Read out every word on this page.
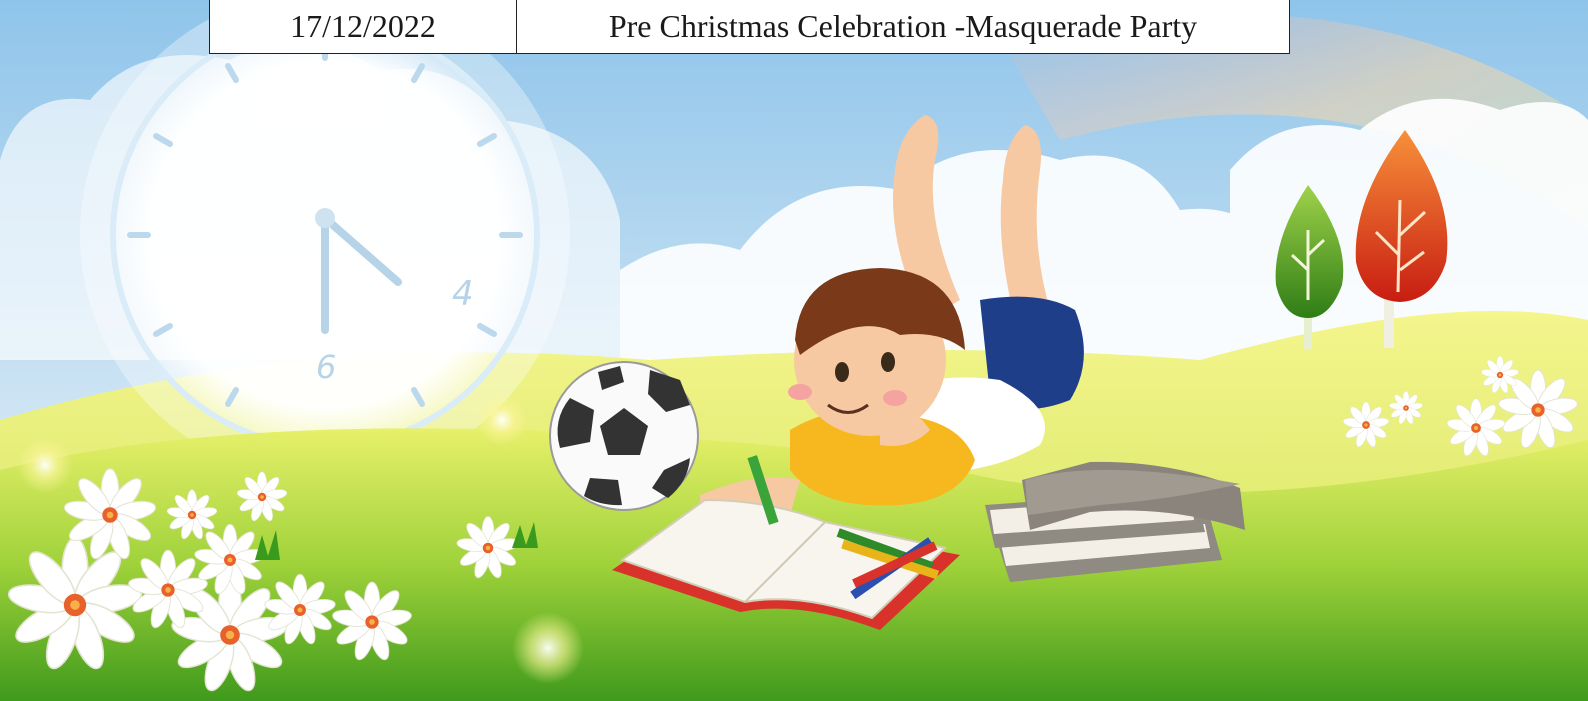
4
6
17/12/2022	Pre Christmas Celebration -Masquerade Party
